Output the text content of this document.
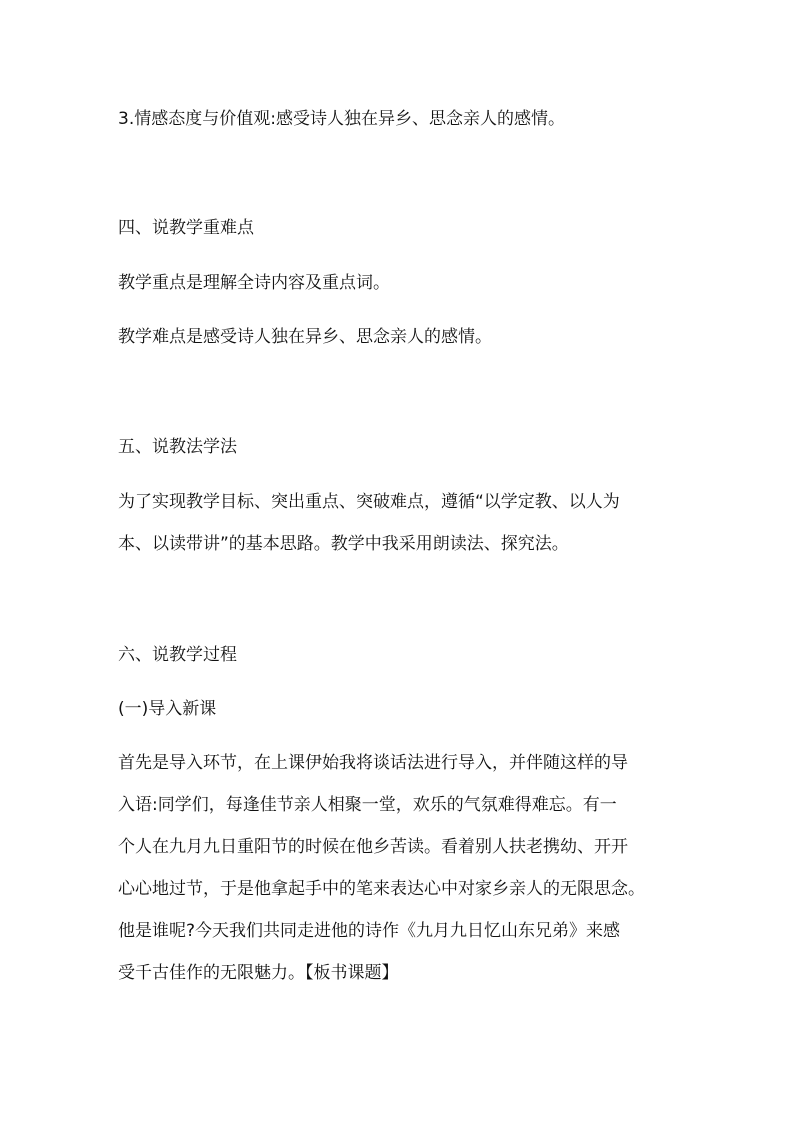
3.情感态度与价值观:感受诗人独在异乡、思念亲人的感情。
四、说教学重难点
教学重点是理解全诗内容及重点词。
教学难点是感受诗人独在异乡、思念亲人的感情。
五、说教法学法
为了实现教学目标、突出重点、突破难点，遵循“以学定教、以人为
本、以读带讲”的基本思路。教学中我采用朗读法、探究法。
六、说教学过程
(一)导入新课
首先是导入环节，在上课伊始我将谈话法进行导入，并伴随这样的导
入语:同学们，每逢佳节亲人相聚一堂，欢乐的气氛难得难忘。有一
个人在九月九日重阳节的时候在他乡苦读。看着别人扶老携幼、开开
心心地过节，于是他拿起手中的笔来表达心中对家乡亲人的无限思念。
他是谁呢?今天我们共同走进他的诗作《九月九日忆山东兄弟》来感
受千古佳作的无限魅力。【板书课题】
